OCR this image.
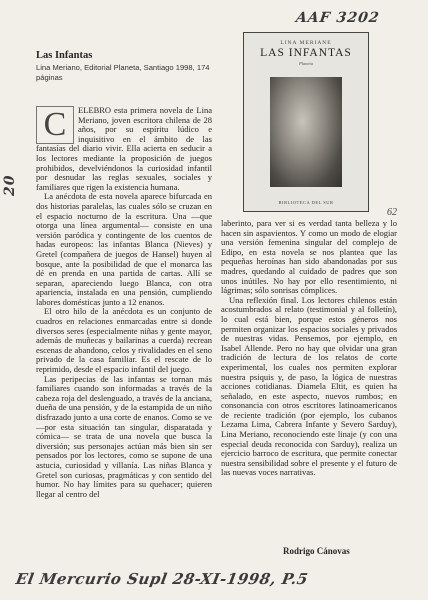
AAF 3202
20
Las Infantas
Lina Meriano, Editorial Planeta, Santiago 1998, 174 páginas
LINA MERIANE
LAS INFANTAS
Planeta
BIBLIOTECA DEL SUR
62

C	ELEBRO esta primera novela de Lina Meriano, joven escritora chilena de 28 años, por su espíritu lúdico e inquisitivo en el ámbito de las fantasías del diario vivir. Ella acierta en seducir a los lectores mediante la proposición de juegos prohibidos, develviéndonos la curiosidad infantil por desnudar las reglas sexuales, sociales y familiares que rigen la existencia humana.

La anécdota de esta novela aparece bifurcada en dos historias paralelas, las cuales sólo se cruzan en el espacio nocturno de la escritura. Una —que otorga una línea argumental— consiste en una versión paródica y contingente de los cuentos de hadas europeos: las infantas Blanca (Nieves) y Gretel (compañera de juegos de Hansel) huyen al bosque, ante la posibilidad de que el monarca las dé en prenda en una partida de cartas. Allí se separan, apareciendo luego Blanca, con otra apariencia, instalada en una pensión, cumpliendo labores domésticas junto a 12 enanos.

El otro hilo de la anécdota es un conjunto de cuadros en relaciones enmarcadas entre si donde diversos seres (especialmente niñas y gente mayor, además de muñecas y bailarinas a cuerda) recrean escenas de abandono, celos y rivalidades en el seno privado de la casa familiar. Es el rescate de lo reprimido, desde el espacio infantil del juego.

Las peripecias de las infantas se tornan más familiares cuando son informadas a través de la cabeza roja del deslenguado, a través de la anciana, dueña de una pensión, y de la estampida de un niño disfrazado junto a una corte de enanos. Como se ve —por esta situación tan singular, disparatada y cómica— se trata de una novela que busca la diversión; sus personajes actúan más bien sin ser pensados por los lectores, como se supone de una astucia, curiosidad y villanía. Las niñas Blanca y Gretel son curiosas, pragmáticas y con sentido del humor. No hay límites para su quehacer; quieren llegar al centro del

laberinto, para ver si es verdad tanta belleza y lo hacen sin aspavientos. Y como un modo de elogiar una versión femenina singular del complejo de Edipo, en esta novela se nos plantea que las pequeñas heroínas han sido abandonadas por sus madres, quedando al cuidado de padres que son unos inútiles. No hay por ello resentimiento, ni lágrimas; sólo sonrisas cómplices.

Una reflexión final. Los lectores chilenos están acostumbrados al relato (testimonial y al folletín), lo cual está bien, porque estos géneros nos permiten organizar los espacios sociales y privados de nuestras vidas. Pensemos, por ejemplo, en Isabel Allende. Pero no hay que olvidar una gran tradición de lectura de los relatos de corte experimental, los cuales nos permiten explorar nuestra psiquis y, de paso, la lógica de nuestras acciones cotidianas. Diamela Eltit, es quien ha señalado, en este aspecto, nuevos rumbos; en consonancia con otros escritores latinoamericanos de reciente tradición (por ejemplo, los cubanos Lezama Lima, Cabrera Infante y Severo Sarduy), Lina Meriano, reconociendo este linaje (y con una especial deuda reconocida con Sarduy), realiza un ejercicio barroco de escritura, que permite conectar nuestra sensibilidad sobre el presente y el futuro de las nuevas voces narrativas.

Rodrigo Cánovas
El Mercurio Supl 28-XI-1998, P.5
